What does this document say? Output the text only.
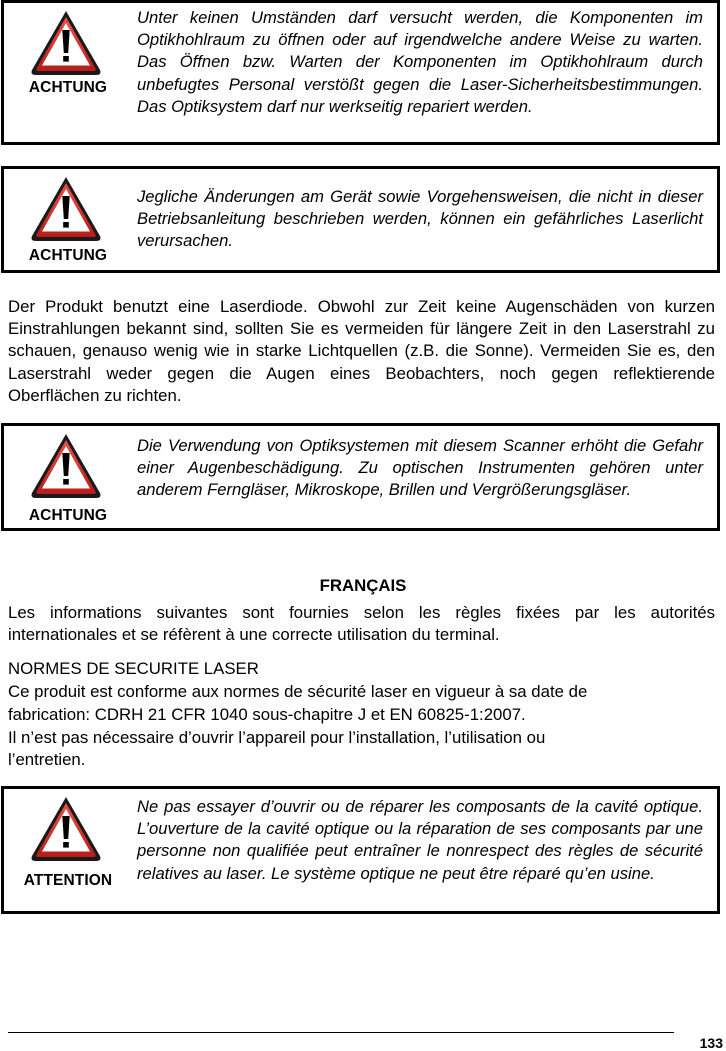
ACHTUNG
Unter keinen Umständen darf versucht werden, die Komponenten im Optikhohlraum zu öffnen oder auf irgendwelche andere Weise zu warten. Das Öffnen bzw. Warten der Komponenten im Optikhohlraum durch unbefugtes Personal verstößt gegen die Laser-Sicherheitsbestimmungen. Das Optiksystem darf nur werkseitig repariert werden.
ACHTUNG
Jegliche Änderungen am Gerät sowie Vorgehensweisen, die nicht in dieser Betriebsanleitung beschrieben werden, können ein gefährliches Laserlicht verursachen.
Der Produkt benutzt eine Laserdiode. Obwohl zur Zeit keine Augenschäden von kurzen Einstrahlungen bekannt sind, sollten Sie es vermeiden für längere Zeit in den Laserstrahl zu schauen, genauso wenig wie in starke Lichtquellen (z.B. die Sonne). Vermeiden Sie es, den Laserstrahl weder gegen die Augen eines Beobachters, noch gegen reflektierende Oberflächen zu richten.
ACHTUNG
Die Verwendung von Optiksystemen mit diesem Scanner erhöht die Gefahr einer Augenbeschädigung. Zu optischen Instrumenten gehören unter anderem Ferngläser, Mikroskope, Brillen und Vergrößerungsgläser.
FRANÇAIS
Les informations suivantes sont fournies selon les règles fixées par les autorités internationales et se réfèrent à une correcte utilisation du terminal.
NORMES DE SECURITE LASER
Ce produit est conforme aux normes de sécurité laser en vigueur à sa date de
fabrication: CDRH 21 CFR 1040 sous-chapitre J et EN 60825-1:2007.
Il n’est pas nécessaire d’ouvrir l’appareil pour l’installation, l’utilisation ou
l’entretien.
ATTENTION
Ne pas essayer d’ouvrir ou de réparer les composants de la cavité optique. L’ouverture de la cavité optique ou la réparation de ses composants par une personne non qualifiée peut entraîner le nonrespect des règles de sécurité relatives au laser. Le système optique ne peut être réparé qu’en usine.
133
